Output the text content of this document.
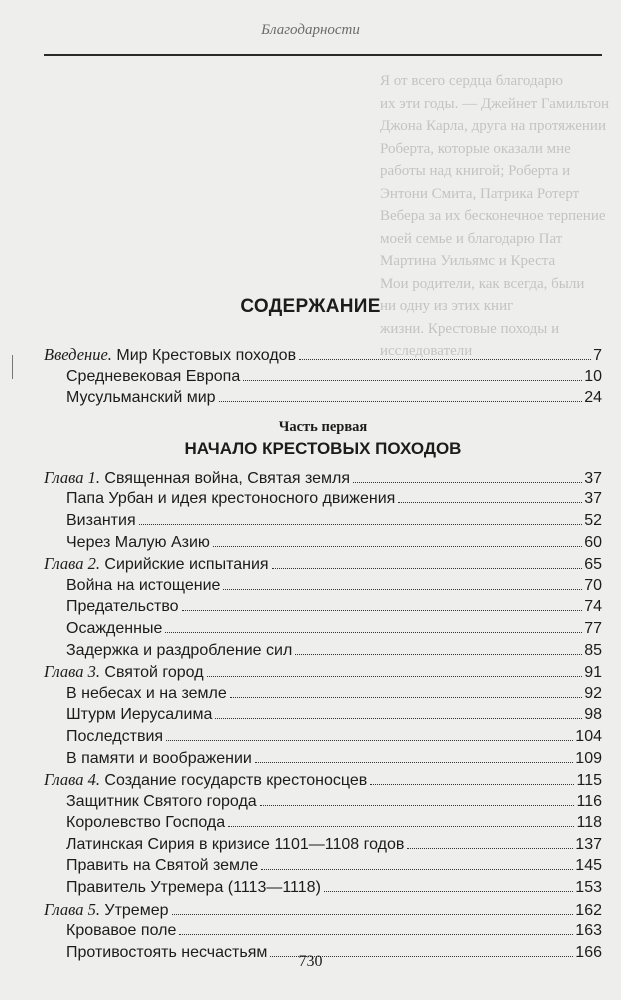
Благодарности
Я от всего сердца благодарю
их эти годы. — Джейнет Гамильтон
Джона Карла, друга на протяжении
Роберта, которые оказали мне
работы над книгой; Роберта и
Энтони Смита, Патрика Ротерт
Вебера за их бесконечное терпение
моей семье и благодарю Пат
Мартина Уильямс и Креста
Мои родители, как всегда, были
ни одну из этих книг
жизни. Крестовые походы и
исследователи
СОДЕРЖАНИЕ
Введение. Мир Крестовых походов	7
Средневековая Европа	10
Мусульманский мир	24
Часть первая
НАЧАЛО КРЕСТОВЫХ ПОХОДОВ
Глава 1. Священная война, Святая земля	37
Папа Урбан и идея крестоносного движения	37
Византия	52
Через Малую Азию	60
Глава 2. Сирийские испытания	65
Война на истощение	70
Предательство	74
Осажденные	77
Задержка и раздробление сил	85
Глава 3. Святой город	91
В небесах и на земле	92
Штурм Иерусалима	98
Последствия	104
В памяти и воображении	109
Глава 4. Создание государств крестоносцев	115
Защитник Святого города	116
Королевство Господа	118
Латинская Сирия в кризисе 1101—1108 годов	137
Править на Святой земле	145
Правитель Утремера (1113—1118)	153
Глава 5. Утремер	162
Кровавое поле	163
Противостоять несчастьям	166
730
